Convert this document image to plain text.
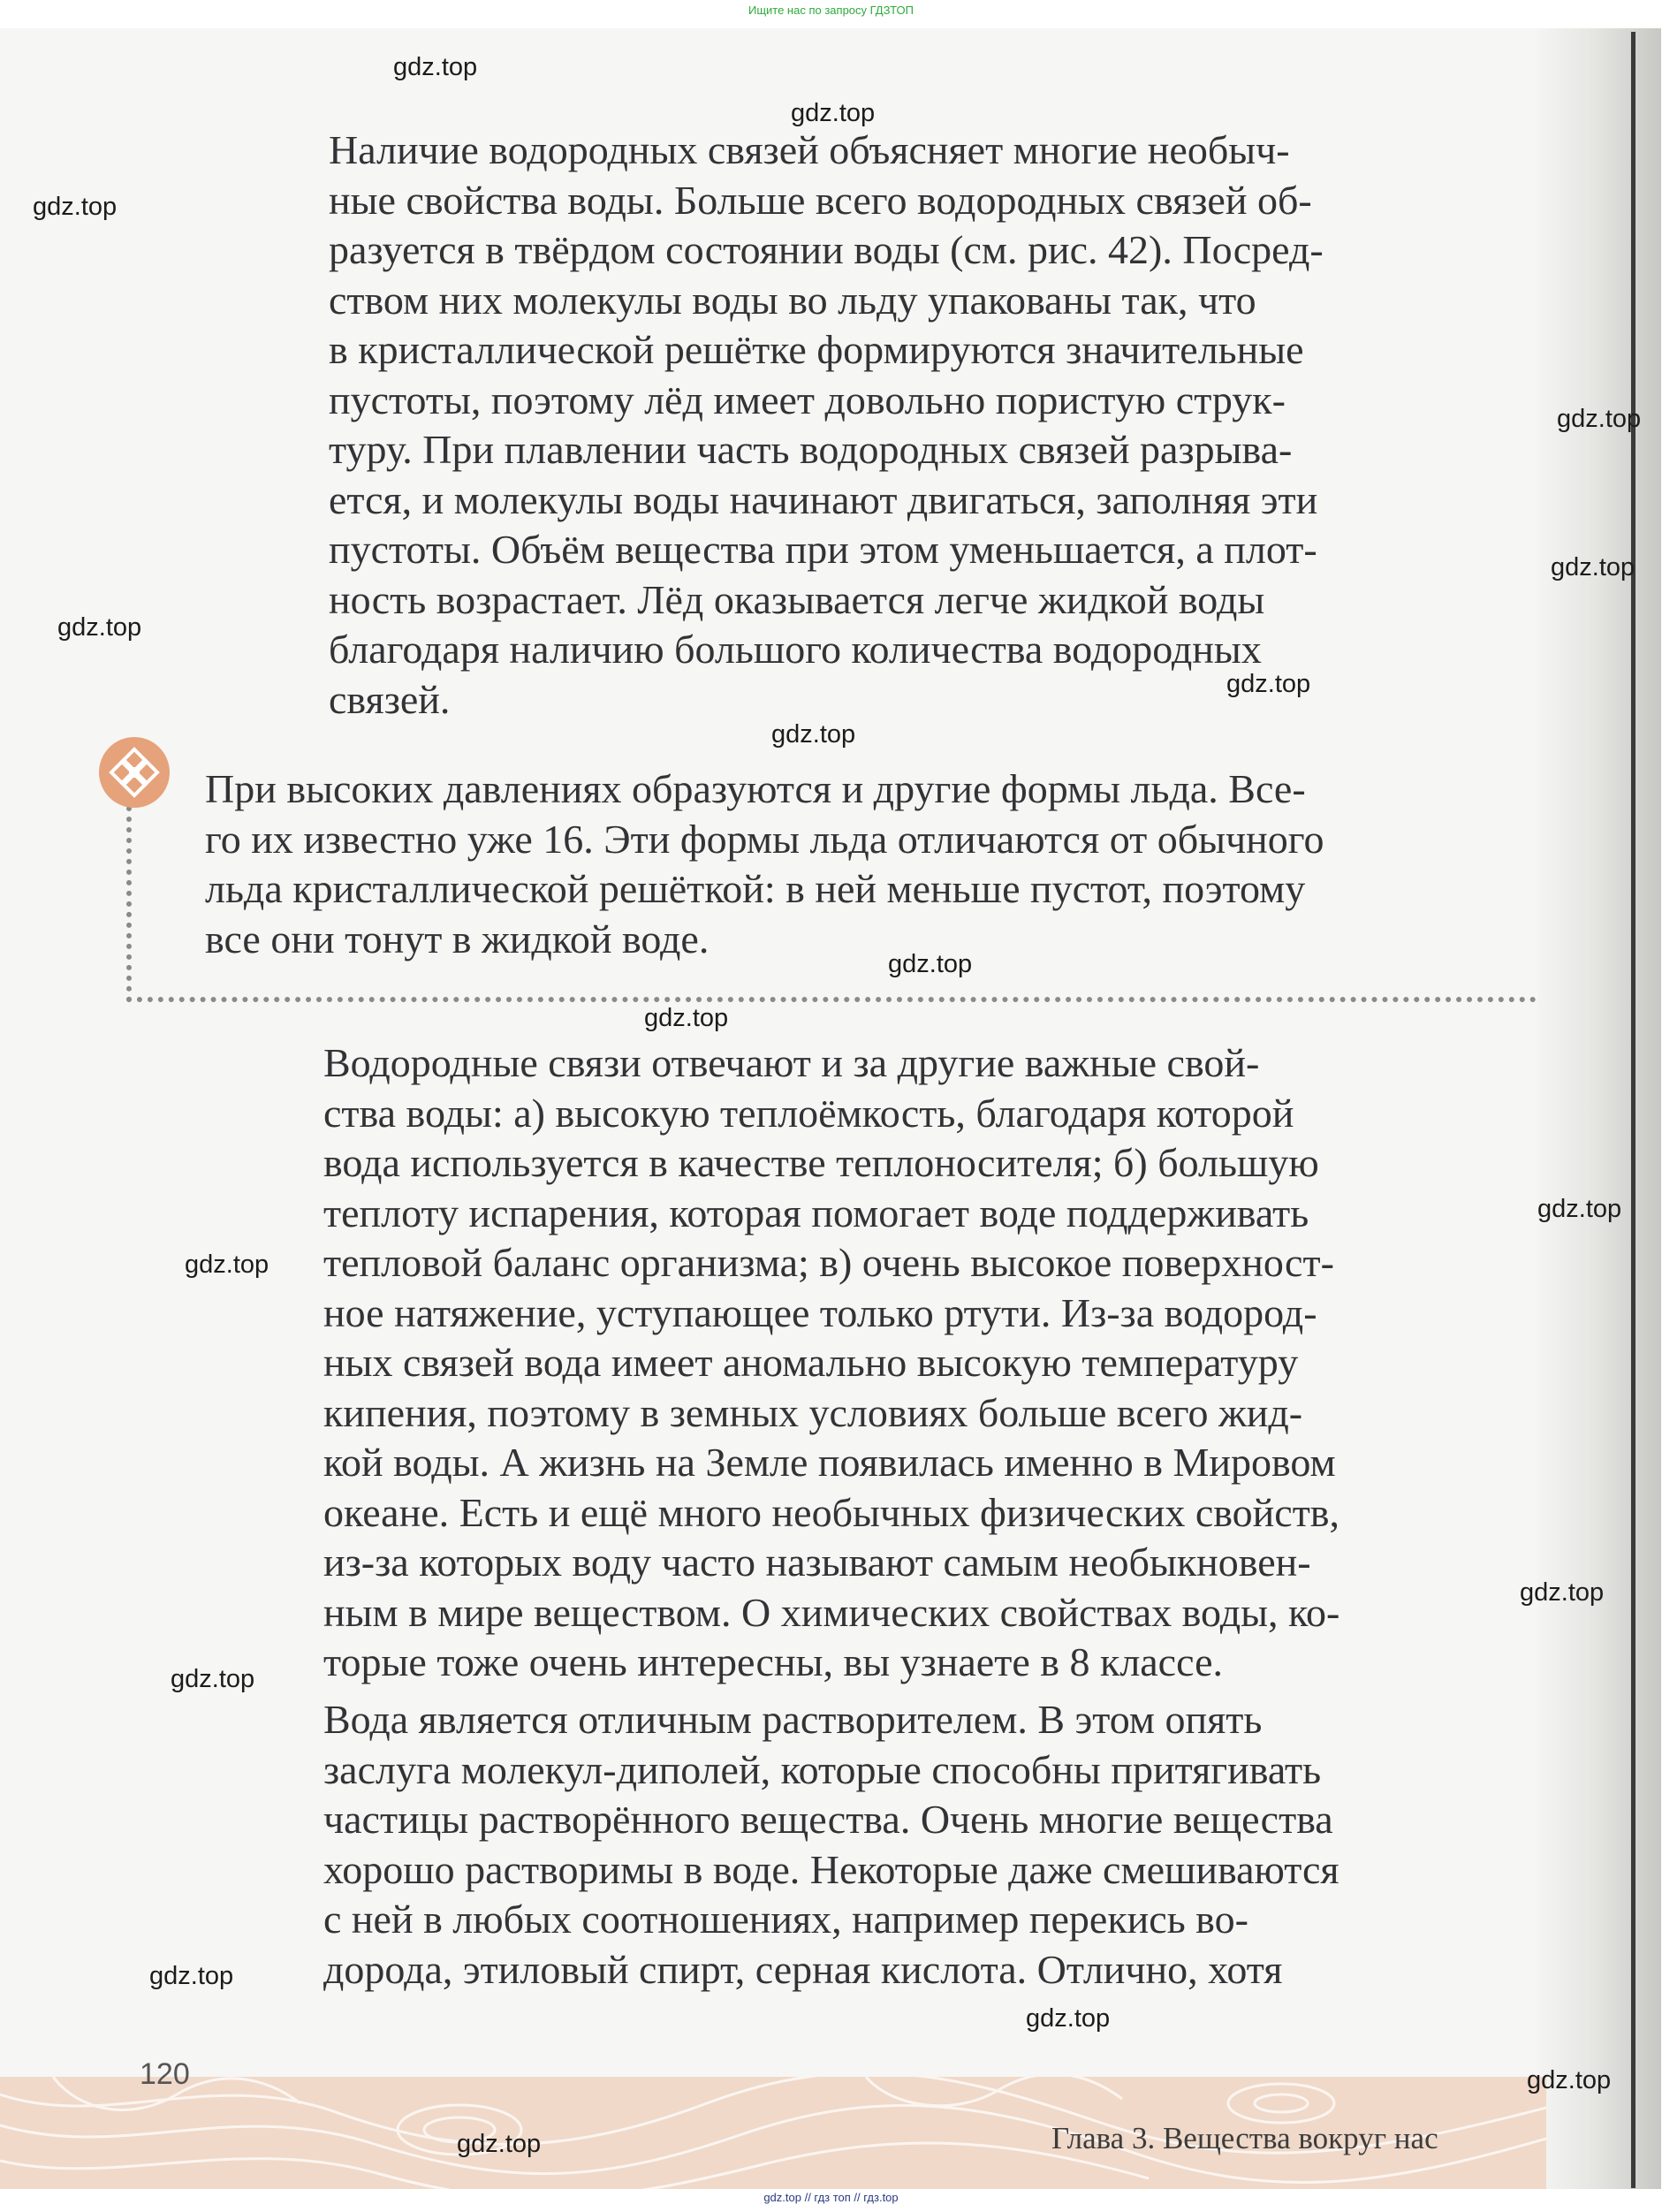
Ищите нас по запросу ГДЗТОП

Наличие водородных связей объясняет многие необыч-
ные свойства воды. Больше всего водородных связей об-
разуется в твёрдом состоянии воды (см. рис. 42). Посред-
ством них молекулы воды во льду упакованы так, что
в кристаллической решётке формируются значительные
пустоты, поэтому лёд имеет довольно пористую струк-
туру. При плавлении часть водородных связей разрыва-
ется, и молекулы воды начинают двигаться, заполняя эти
пустоты. Объём вещества при этом уменьшается, а плот-
ность возрастает. Лёд оказывается легче жидкой воды
благодаря наличию большого количества водородных
связей.

При высоких давлениях образуются и другие формы льда. Все-
го их известно уже 16. Эти формы льда отличаются от обычного
льда кристаллической решёткой: в ней меньше пустот, поэтому
все они тонут в жидкой воде.

Водородные связи отвечают и за другие важные свой-
ства воды: а) высокую теплоёмкость, благодаря которой
вода используется в качестве теплоносителя; б) большую
теплоту испарения, которая помогает воде поддерживать
тепловой баланс организма; в) очень высокое поверхност-
ное натяжение, уступающее только ртути. Из-за водород-
ных связей вода имеет аномально высокую температуру
кипения, поэтому в земных условиях больше всего жид-
кой воды. А жизнь на Земле появилась именно в Мировом
океане. Есть и ещё много необычных физических свойств,
из-за которых воду часто называют самым необыкновен-
ным в мире веществом. О химических свойствах воды, ко-
торые тоже очень интересны, вы узнаете в 8 классе.

Вода является отличным растворителем. В этом опять
заслуга молекул-диполей, которые способны притягивать
частицы растворённого вещества. Очень многие вещества
хорошо растворимы в воде. Некоторые даже смешиваются
с ней в любых соотношениях, например перекись во-
дорода, этиловый спирт, серная кислота. Отлично, хотя

120
Глава 3. Вещества вокруг нас
gdz.top
gdz.top
gdz.top
gdz.top
gdz.top
gdz.top
gdz.top
gdz.top
gdz.top
gdz.top
gdz.top
gdz.top
gdz.top
gdz.top
gdz.top
gdz.top
gdz.top
gdz.top
gdz.top // гдз топ // гдз.top
